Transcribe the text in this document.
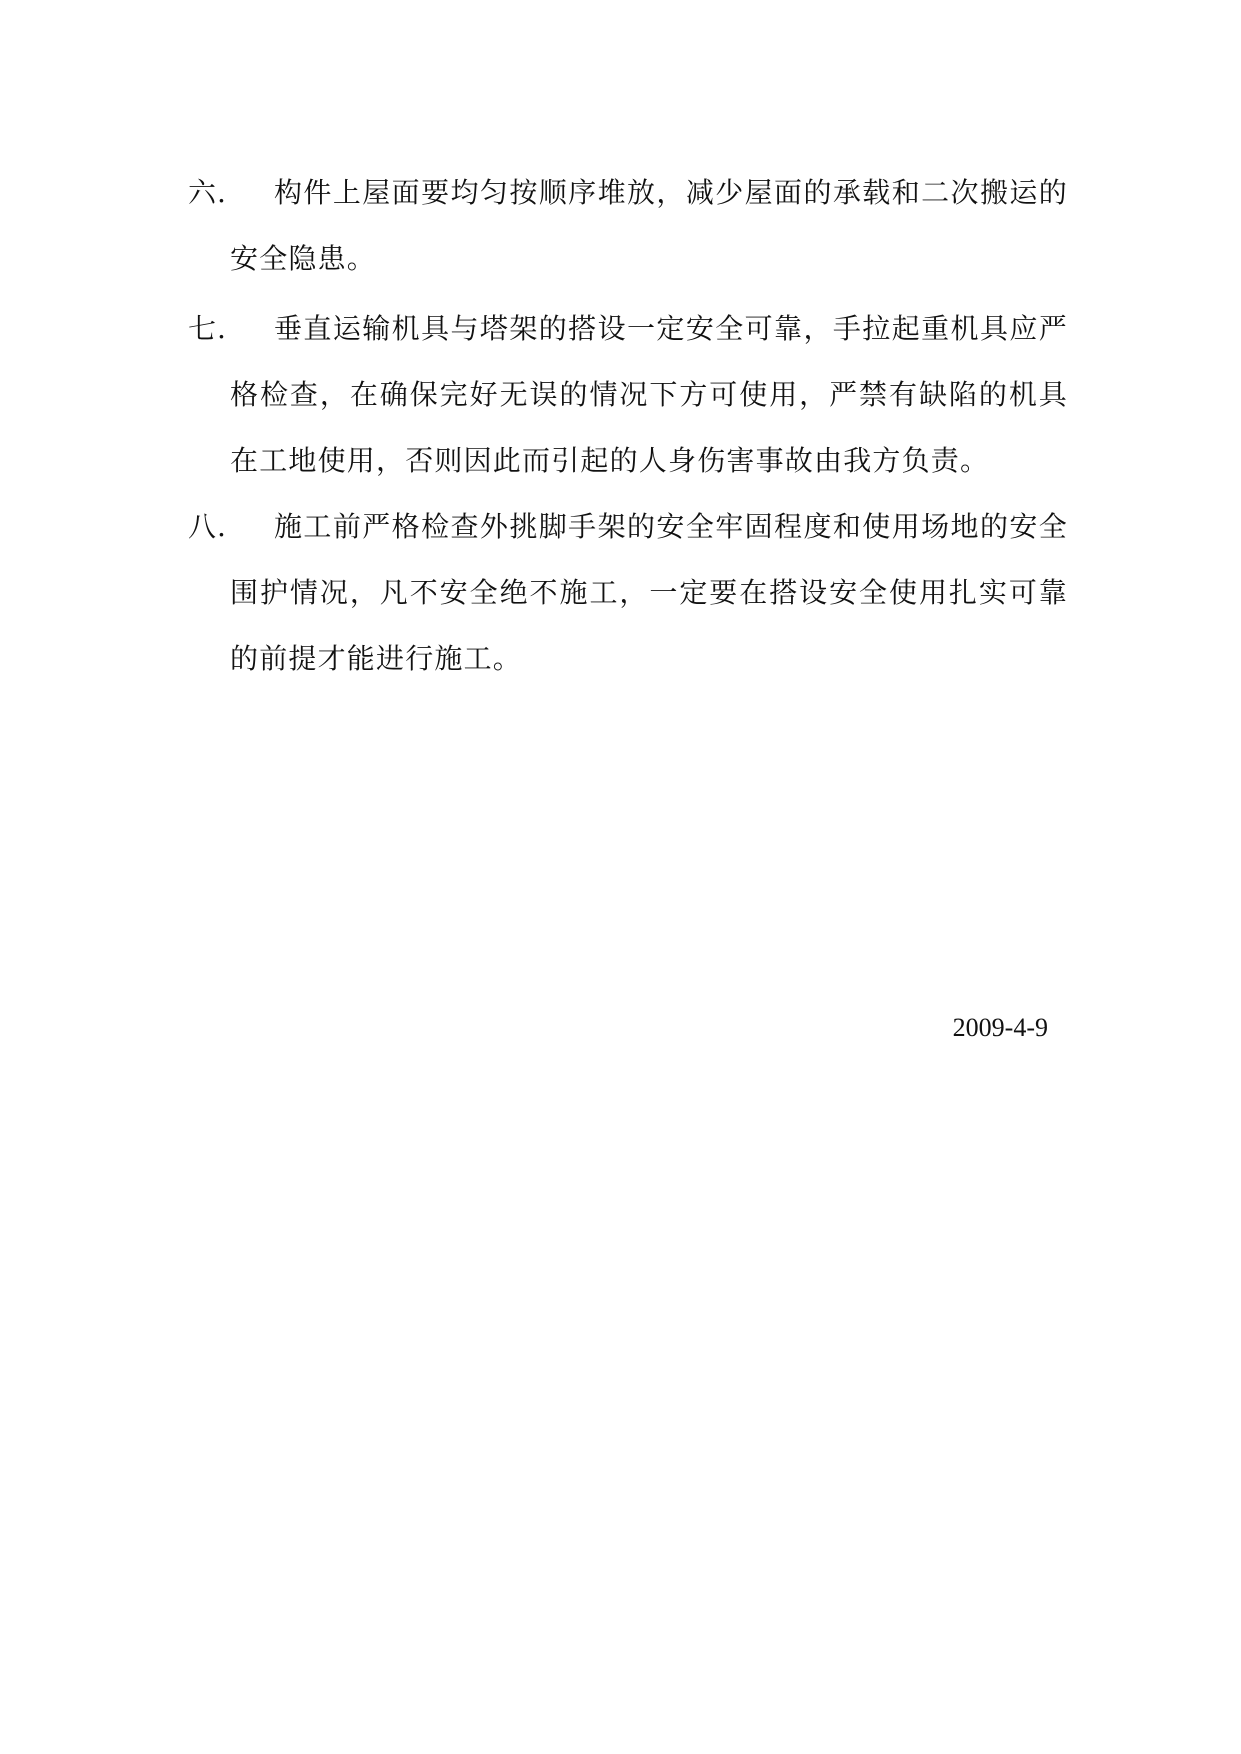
六.	构件上屋面要均匀按顺序堆放，减少屋面的承载和二次搬运的安全隐患。
七.	垂直运输机具与塔架的搭设一定安全可靠，手拉起重机具应严格检查，在确保完好无误的情况下方可使用，严禁有缺陷的机具在工地使用，否则因此而引起的人身伤害事故由我方负责。
八.	施工前严格检查外挑脚手架的安全牢固程度和使用场地的安全围护情况，凡不安全绝不施工，一定要在搭设安全使用扎实可靠的前提才能进行施工。
2009-4-9
